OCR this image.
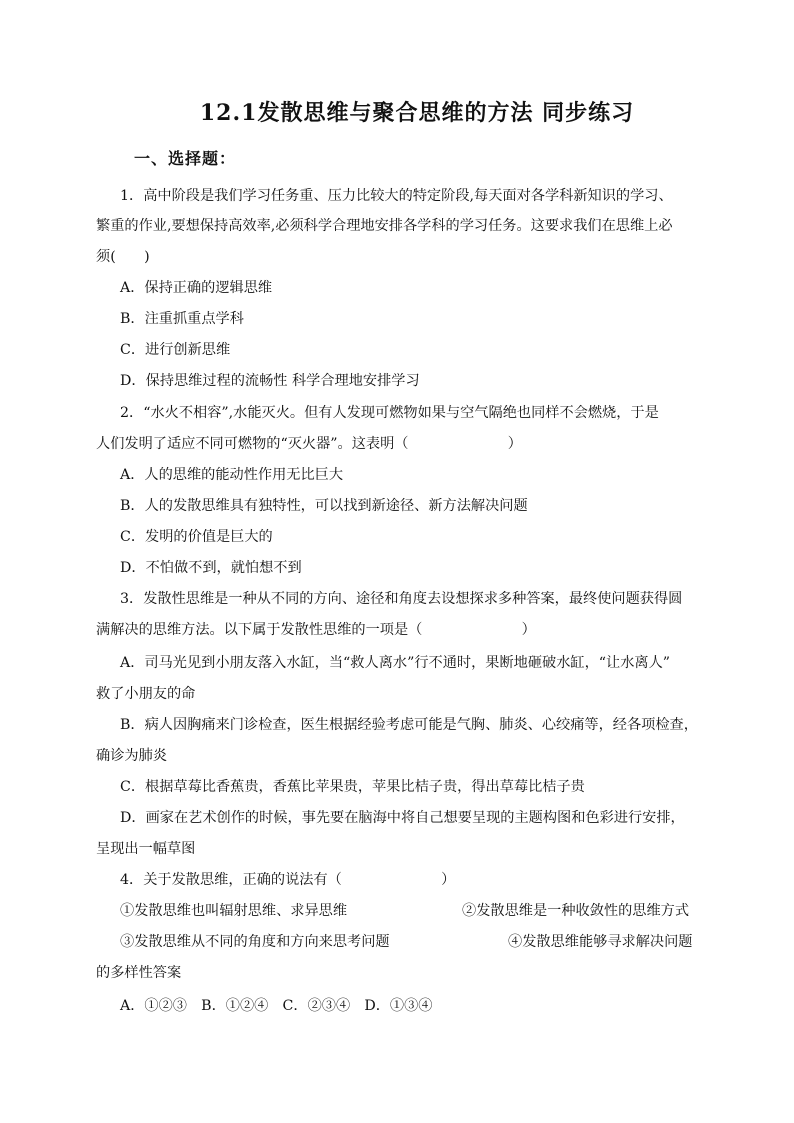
12.1发散思维与聚合思维的方法 同步练习
一、选择题：
1．高中阶段是我们学习任务重、压力比较大的特定阶段,每天面对各学科新知识的学习、
繁重的作业,要想保持高效率,必须科学合理地安排各学科的学习任务。这要求我们在思维上必
须(　　)
A．保持正确的逻辑思维
B．注重抓重点学科
C．进行创新思维
D．保持思维过程的流畅性 科学合理地安排学习
2．“水火不相容”,水能灭火。但有人发现可燃物如果与空气隔绝也同样不会燃烧，于是
人们发明了适应不同可燃物的“灭火器”。这表明（　　　　　　　）
A．人的思维的能动性作用无比巨大
B．人的发散思维具有独特性，可以找到新途径、新方法解决问题
C．发明的价值是巨大的
D．不怕做不到，就怕想不到
3．发散性思维是一种从不同的方向、途径和角度去设想探求多种答案，最终使问题获得圆
满解决的思维方法。以下属于发散性思维的一项是（　　　　　　　）
A．司马光见到小朋友落入水缸，当“救人离水”行不通时，果断地砸破水缸，“让水离人”
救了小朋友的命
B．病人因胸痛来门诊检查，医生根据经验考虑可能是气胸、肺炎、心绞痛等，经各项检查，
确诊为肺炎
C．根据草莓比香蕉贵，香蕉比苹果贵，苹果比桔子贵，得出草莓比桔子贵
D．画家在艺术创作的时候，事先要在脑海中将自己想要呈现的主题构图和色彩进行安排，
呈现出一幅草图
4．关于发散思维，正确的说法有（　　　　　　　）
①发散思维也叫辐射思维、求异思维	②发散思维是一种收敛性的思维方式
③发散思维从不同的角度和方向来思考问题	④发散思维能够寻求解决问题
的多样性答案
A．①②③　B．①②④　C．②③④　D．①③④
